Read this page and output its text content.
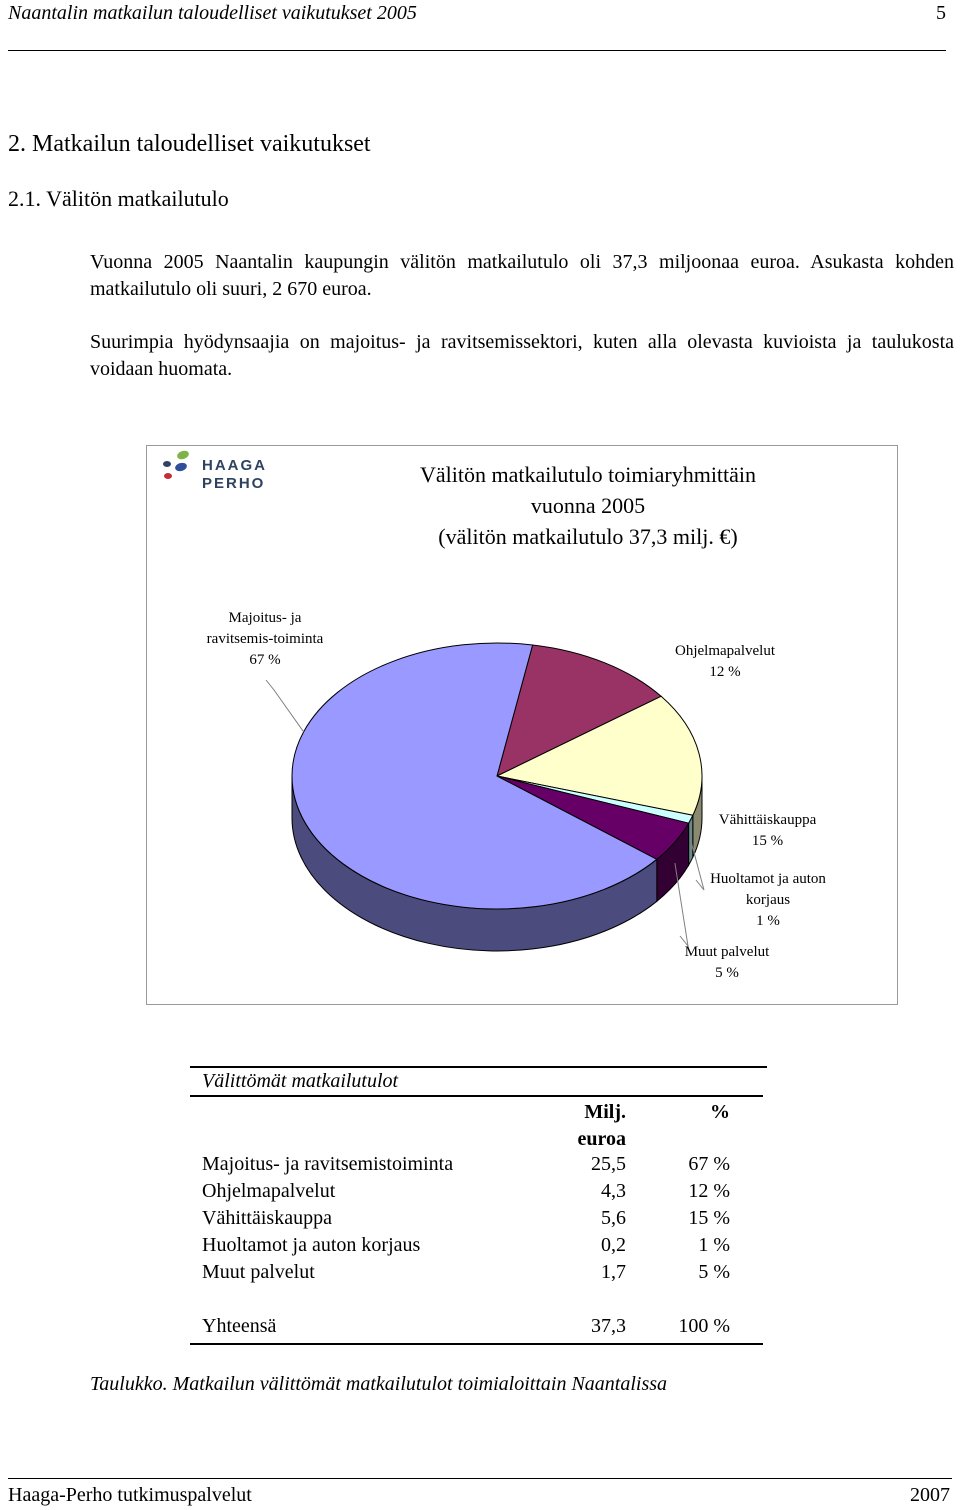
Naantalin matkailun taloudelliset vaikutukset 2005	5
2. Matkailun taloudelliset vaikutukset
2.1. Välitön matkailutulo
Vuonna 2005 Naantalin kaupungin välitön matkailutulo oli 37,3 miljoonaa euroa. Asukasta kohden matkailutulo oli suuri, 2 670 euroa.
Suurimpia hyödynsaajia on majoitus- ja ravitsemissektori, kuten alla olevasta kuvioista ja taulukosta voidaan huomata.
HAAGA
PERHO	Välitön matkailutulo toimiaryhmittäin
vuonna 2005
(välitön matkailutulo 37,3 milj. €)
Majoitus- ja
ravitsemis-toiminta
67 %
Ohjelmapalvelut
12 %
Vähittäiskauppa
15 %
Huoltamot ja auton
korjaus
1 %
Muut palvelut
5 %
Välittömät matkailutulot
Milj.
euroa
%
Majoitus- ja ravitsemistoiminta	25,5	67 %
Ohjelmapalvelut	4,3	12 %
Vähittäiskauppa	5,6	15 %
Huoltamot ja auton korjaus	0,2	1 %
Muut palvelut	1,7	5 %
Yhteensä	37,3	100 %
Taulukko. Matkailun välittömät matkailutulot toimialoittain Naantalissa
Haaga-Perho tutkimuspalvelut	2007
